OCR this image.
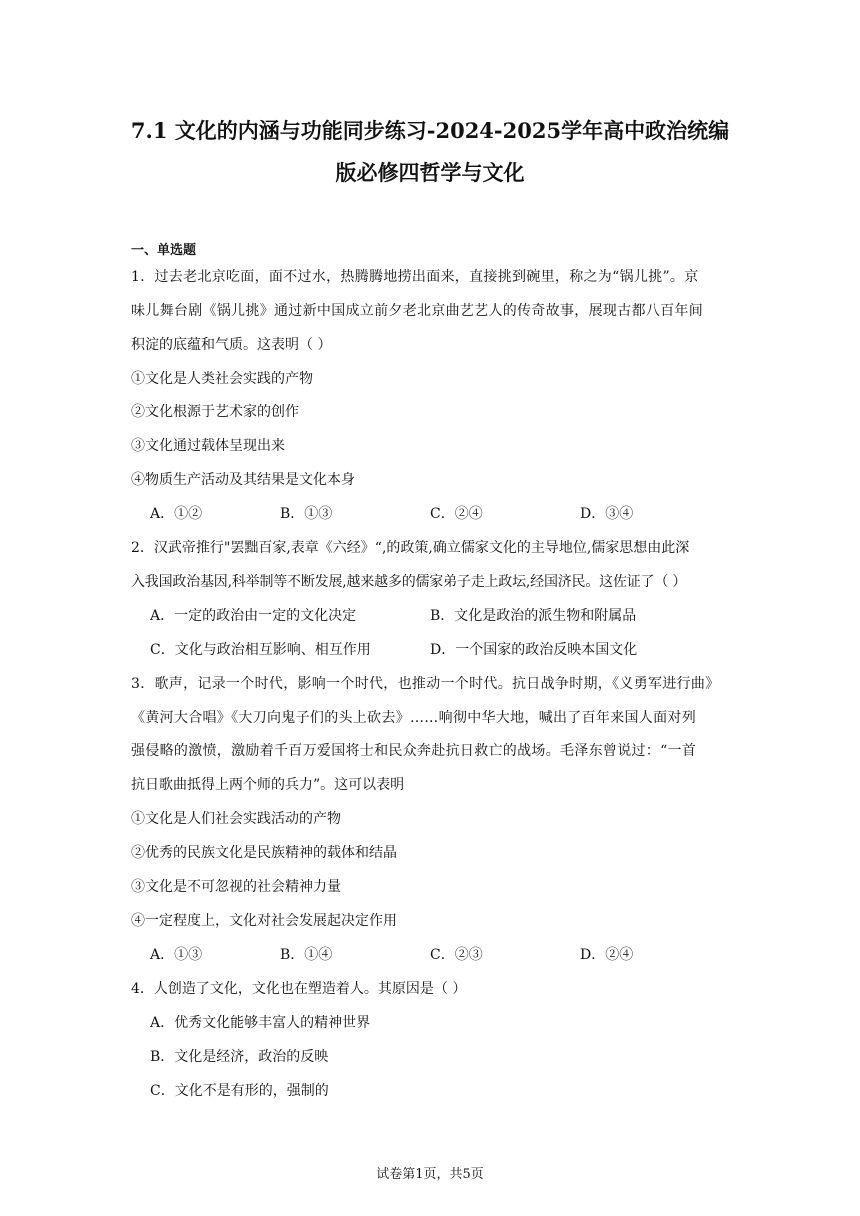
7.1 文化的内涵与功能同步练习-2024-2025学年高中政治统编
版必修四哲学与文化
一、单选题
1．过去老北京吃面，面不过水，热腾腾地捞出面来，直接挑到碗里，称之为“锅儿挑”。京
味儿舞台剧《锅儿挑》通过新中国成立前夕老北京曲艺艺人的传奇故事，展现古都八百年间
积淀的底蕴和气质。这表明（ ）
①文化是人类社会实践的产物
②文化根源于艺术家的创作
③文化通过载体呈现出来
④物质生产活动及其结果是文化本身
A．①②	B．①③	C．②④	D．③④
2．汉武帝推行"罢黜百家,表章《六经》“,的政策,确立儒家文化的主导地位,儒家思想由此深
入我国政治基因,科举制等不断发展,越来越多的儒家弟子走上政坛,经国济民。这佐证了（ ）
A．一定的政治由一定的文化决定	B．文化是政治的派生物和附属品
C．文化与政治相互影响、相互作用	D．一个国家的政治反映本国文化
3．歌声，记录一个时代，影响一个时代，也推动一个时代。抗日战争时期，《义勇军进行曲》
《黄河大合唱》《大刀向鬼子们的头上砍去》……响彻中华大地，喊出了百年来国人面对列
强侵略的激愤，激励着千百万爱国将士和民众奔赴抗日救亡的战场。毛泽东曾说过：“一首
抗日歌曲抵得上两个师的兵力”。这可以表明
①文化是人们社会实践活动的产物
②优秀的民族文化是民族精神的载体和结晶
③文化是不可忽视的社会精神力量
④一定程度上，文化对社会发展起决定作用
A．①③	B．①④	C．②③	D．②④
4．人创造了文化，文化也在塑造着人。其原因是（ ）
A．优秀文化能够丰富人的精神世界
B．文化是经济，政治的反映
C．文化不是有形的，强制的
试卷第1页，共5页
